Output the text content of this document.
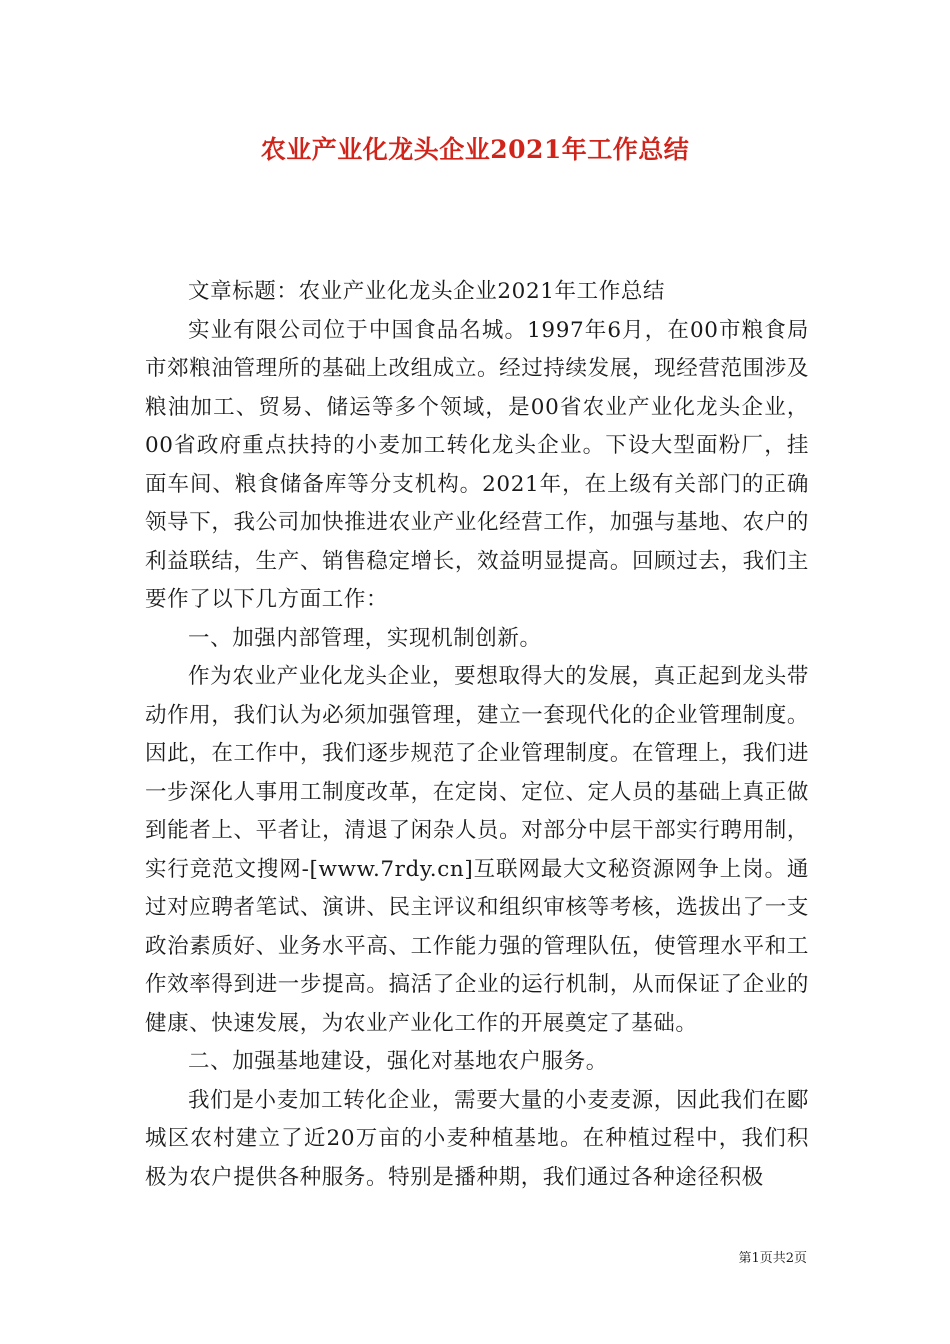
农业产业化龙头企业2021年工作总结

文章标题：农业产业化龙头企业2021年工作总结

实业有限公司位于中国食品名城。1997年6月，在00市粮食局市郊粮油管理所的基础上改组成立。经过持续发展，现经营范围涉及粮油加工、贸易、储运等多个领域，是00省农业产业化龙头企业，00省政府重点扶持的小麦加工转化龙头企业。下设大型面粉厂，挂面车间、粮食储备库等分支机构。2021年，在上级有关部门的正确领导下，我公司加快推进农业产业化经营工作，加强与基地、农户的利益联结，生产、销售稳定增长，效益明显提高。回顾过去，我们主要作了以下几方面工作：

一、加强内部管理，实现机制创新。

作为农业产业化龙头企业，要想取得大的发展，真正起到龙头带动作用，我们认为必须加强管理，建立一套现代化的企业管理制度。因此，在工作中，我们逐步规范了企业管理制度。在管理上，我们进一步深化人事用工制度改革，在定岗、定位、定人员的基础上真正做到能者上、平者让，清退了闲杂人员。对部分中层干部实行聘用制，实行竞范文搜网-[www.7rdy.cn]互联网最大文秘资源网争上岗。通过对应聘者笔试、演讲、民主评议和组织审核等考核，选拔出了一支政治素质好、业务水平高、工作能力强的管理队伍，使管理水平和工作效率得到进一步提高。搞活了企业的运行机制，从而保证了企业的健康、快速发展，为农业产业化工作的开展奠定了基础。

二、加强基地建设，强化对基地农户服务。

我们是小麦加工转化企业，需要大量的小麦麦源，因此我们在郾城区农村建立了近20万亩的小麦种植基地。在种植过程中，我们积极为农户提供各种服务。特别是播种期，我们通过各种途径积极

第1页共2页
